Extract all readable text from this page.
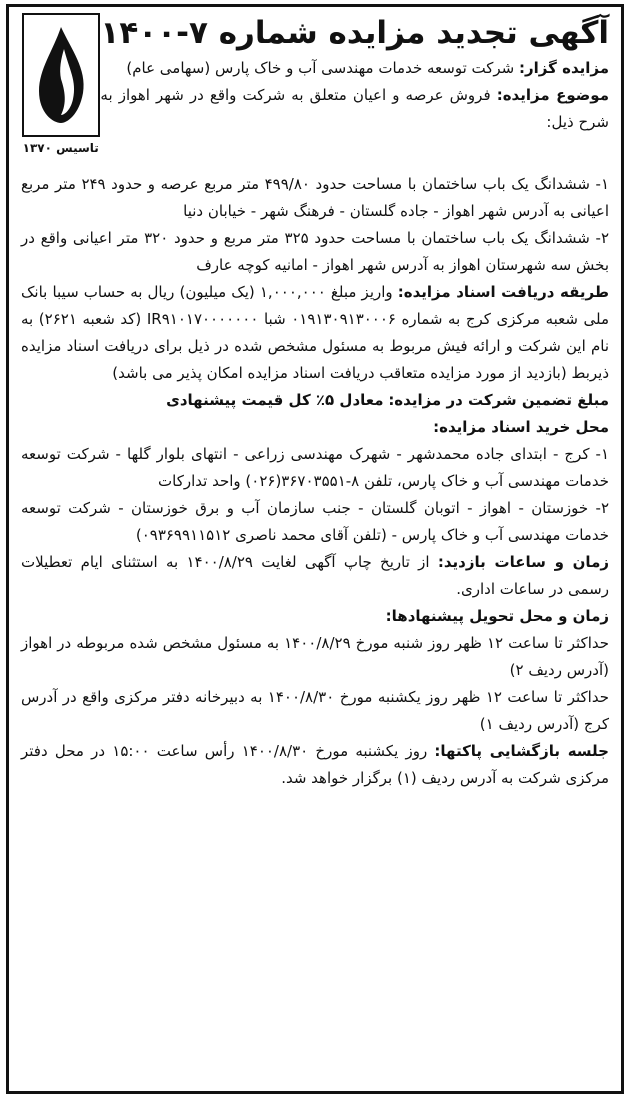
آگهی تجدید مزایده شماره ۷-۱۴۰۰

مزایده گزار: شرکت توسعه خدمات مهندسی آب و خاک پارس (سهامی عام)

موضوع مزایده: فروش عرصه و اعیان متعلق به شرکت واقع در شهر اهواز به شرح ذیل:

تاسیس ۱۳۷۰

۱- ششدانگ یک باب ساختمان با مساحت حدود ۴۹۹/۸۰ متر مربع عرصه و حدود ۲۴۹ متر مربع اعیانی به آدرس شهر اهواز - جاده گلستان - فرهنگ شهر - خیابان دنیا

۲- ششدانگ یک باب ساختمان با مساحت حدود ۳۲۵ متر مربع و حدود ۳۲۰ متر اعیانی واقع در بخش سه شهرستان اهواز به آدرس شهر اهواز - امانیه کوچه عارف

طریقه دریافت اسناد مزایده: واریز مبلغ ۱,۰۰۰,۰۰۰ (یک میلیون) ریال به حساب سیبا بانک ملی شعبه مرکزی کرج به شماره ۰۱۹۱۳۰۹۱۳۰۰۰۶ شبا IR۹۱۰۱۷۰۰۰۰۰۰۰ (کد شعبه ۲۶۲۱) به نام این شرکت و ارائه فیش مربوط به مسئول مشخص شده در ذیل برای دریافت اسناد مزایده ذیربط (بازدید از مورد مزایده متعاقب دریافت اسناد مزایده امکان پذیر می باشد)

مبلغ تضمین شرکت در مزایده: معادل ۵٪ کل قیمت پیشنهادی

محل خرید اسناد مزایده:

۱- کرج - ابتدای جاده محمدشهر - شهرک مهندسی زراعی - انتهای بلوار گلها - شرکت توسعه خدمات مهندسی آب و خاک پارس، تلفن ۸-۳۶۷۰۳۵۵۱(۰۲۶) واحد تدارکات

۲- خوزستان - اهواز - اتوبان گلستان - جنب سازمان آب و برق خوزستان - شرکت توسعه خدمات مهندسی آب و خاک پارس - (تلفن آقای محمد ناصری ۰۹۳۶۹۹۱۱۵۱۲)

زمان و ساعات بازدید: از تاریخ چاپ آگهی لغایت ۱۴۰۰/۸/۲۹ به استثنای ایام تعطیلات رسمی در ساعات اداری.

زمان و محل تحویل پیشنهادها:

حداکثر تا ساعت ۱۲ ظهر روز شنبه مورخ ۱۴۰۰/۸/۲۹ به مسئول مشخص شده مربوطه در اهواز (آدرس ردیف ۲)

حداکثر تا ساعت ۱۲ ظهر روز یکشنبه مورخ ۱۴۰۰/۸/۳۰ به دبیرخانه دفتر مرکزی واقع در آدرس کرج (آدرس ردیف ۱)

جلسه بازگشایی پاکتها: روز یکشنبه مورخ ۱۴۰۰/۸/۳۰ رأس ساعت ۱۵:۰۰ در محل دفتر مرکزی شرکت به آدرس ردیف (۱) برگزار خواهد شد.
